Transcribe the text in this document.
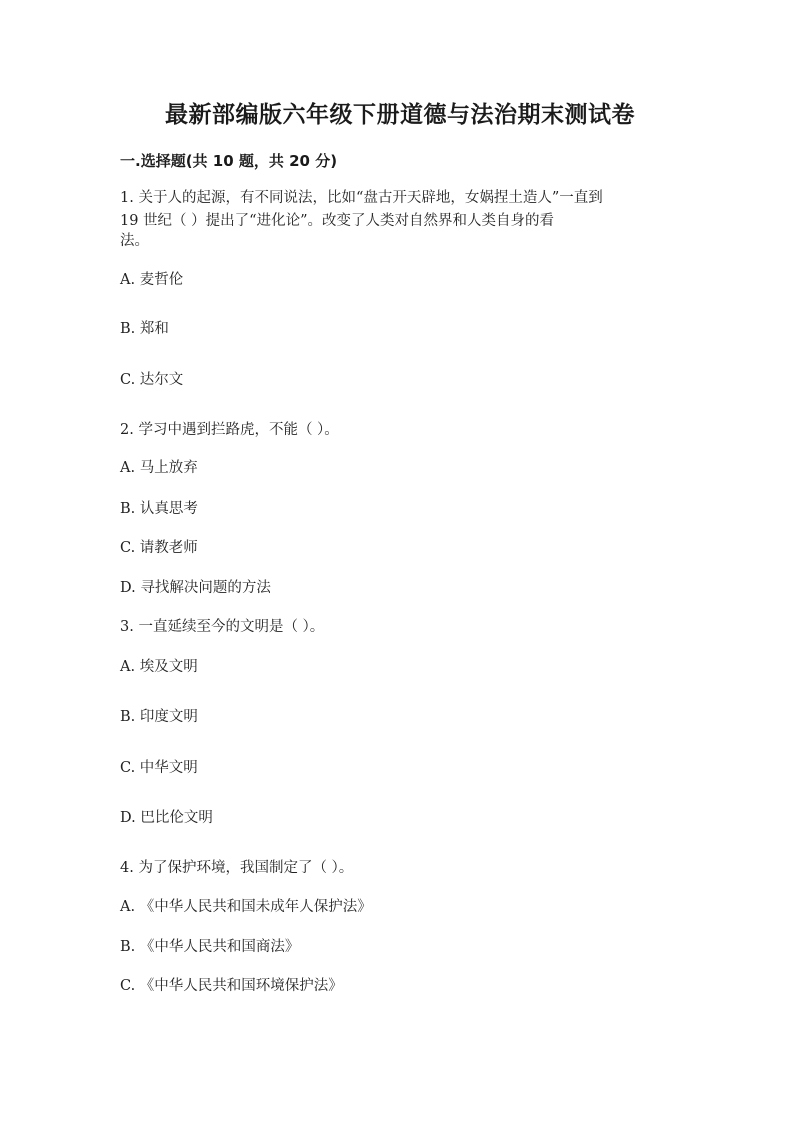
最新部编版六年级下册道德与法治期末测试卷
一.选择题(共 10 题，共 20 分)
1. 关于人的起源，有不同说法，比如“盘古开天辟地，女娲捏土造人”一直到
19 世纪（ ）提出了“进化论”。改变了人类对自然界和人类自身的看
法。
A. 麦哲伦
B. 郑和
C. 达尔文
2. 学习中遇到拦路虎，不能（ ）。
A. 马上放弃
B. 认真思考
C. 请教老师
D. 寻找解决问题的方法
3. 一直延续至今的文明是（ ）。
A. 埃及文明
B. 印度文明
C. 中华文明
D. 巴比伦文明
4. 为了保护环境，我国制定了（ ）。
A. 《中华人民共和国未成年人保护法》
B. 《中华人民共和国商法》
C. 《中华人民共和国环境保护法》
